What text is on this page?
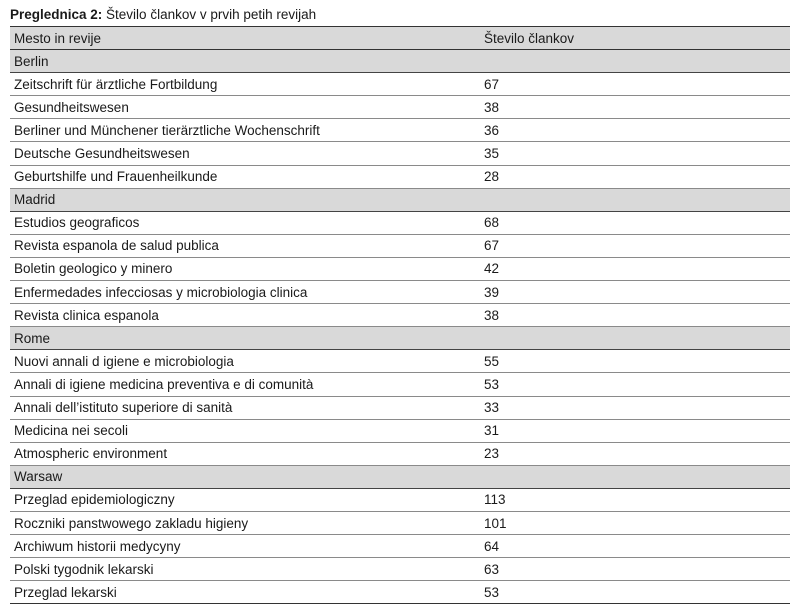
Preglednica 2: Število člankov v prvih petih revijah
Mesto in revije	Število člankov
Berlin	
Zeitschrift für ärztliche Fortbildung	67
Gesundheitswesen	38
Berliner und Münchener tierärztliche Wochenschrift	36
Deutsche Gesundheitswesen	35
Geburtshilfe und Frauenheilkunde	28
Madrid	
Estudios geograficos	68
Revista espanola de salud publica	67
Boletin geologico y minero	42
Enfermedades infecciosas y microbiologia clinica	39
Revista clinica espanola	38
Rome	
Nuovi annali d igiene e microbiologia	55
Annali di igiene medicina preventiva e di comunità	53
Annali dell’istituto superiore di sanità	33
Medicina nei secoli	31
Atmospheric environment	23
Warsaw	
Przeglad epidemiologiczny	113
Roczniki panstwowego zakladu higieny	101
Archiwum historii medycyny	64
Polski tygodnik lekarski	63
Przeglad lekarski	53
